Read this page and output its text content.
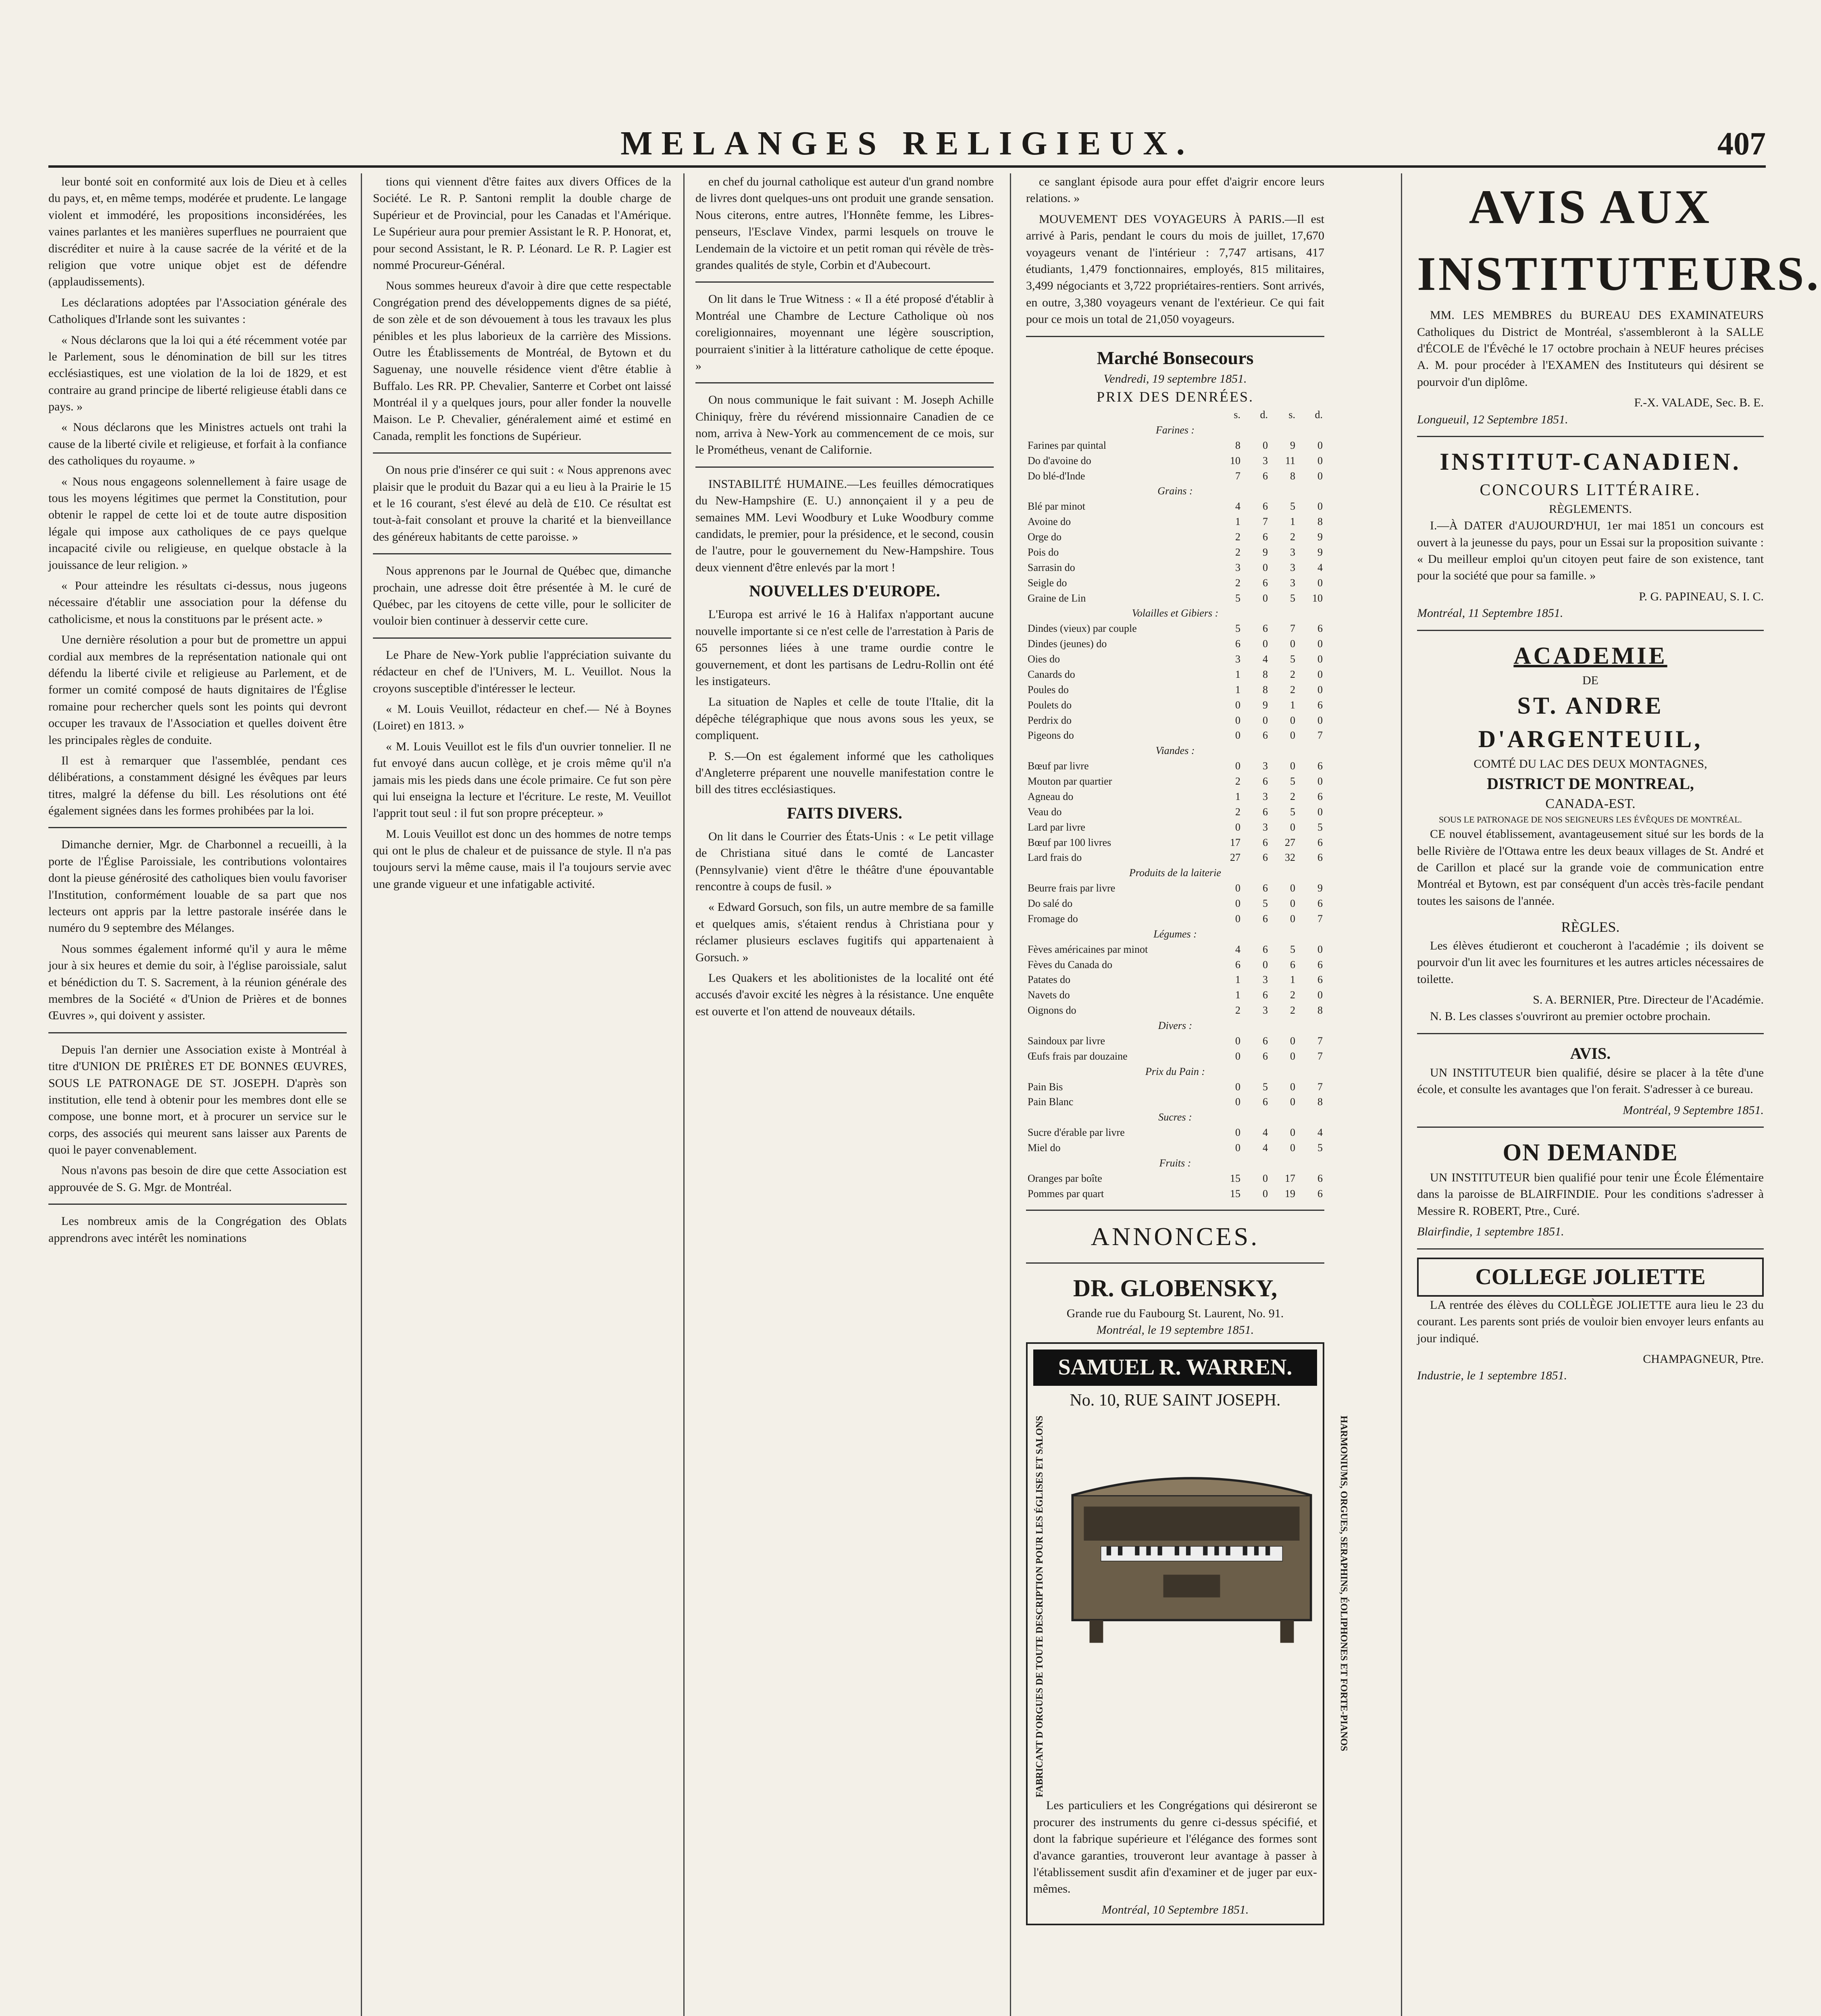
MELANGES RELIGIEUX.	407

leur bonté soit en conformité aux lois de Dieu et à celles du pays, et, en même temps, modérée et prudente. Le langage violent et immodéré, les propositions inconsidérées, les vaines parlantes et les manières superflues ne pourraient que discréditer et nuire à la cause sacrée de la vérité et de la religion que votre unique objet est de défendre (applaudissements).

Les déclarations adoptées par l'Association générale des Catholiques d'Irlande sont les suivantes :

« Nous déclarons que la loi qui a été récemment votée par le Parlement, sous le dénomination de bill sur les titres ecclésiastiques, est une violation de la loi de 1829, et est contraire au grand principe de liberté religieuse établi dans ce pays. »

« Nous déclarons que les Ministres actuels ont trahi la cause de la liberté civile et religieuse, et forfait à la confiance des catholiques du royaume. »

« Nous nous engageons solennellement à faire usage de tous les moyens légitimes que permet la Constitution, pour obtenir le rappel de cette loi et de toute autre disposition légale qui impose aux catholiques de ce pays quelque incapacité civile ou religieuse, en quelque obstacle à la jouissance de leur religion. »

« Pour atteindre les résultats ci-dessus, nous jugeons nécessaire d'établir une association pour la défense du catholicisme, et nous la constituons par le présent acte. »

Une dernière résolution a pour but de promettre un appui cordial aux membres de la représentation nationale qui ont défendu la liberté civile et religieuse au Parlement, et de former un comité composé de hauts dignitaires de l'Église romaine pour rechercher quels sont les points qui devront occuper les travaux de l'Association et quelles doivent être les principales règles de conduite.

Il est à remarquer que l'assemblée, pendant ces délibérations, a constamment désigné les évêques par leurs titres, malgré la défense du bill. Les résolutions ont été également signées dans les formes prohibées par la loi.

Dimanche dernier, Mgr. de Charbonnel a recueilli, à la porte de l'Église Paroissiale, les contributions volontaires dont la pieuse générosité des catholiques bien voulu favoriser l'Institution, conformément louable de sa part que nos lecteurs ont appris par la lettre pastorale insérée dans le numéro du 9 septembre des Mélanges.

Nous sommes également informé qu'il y aura le même jour à six heures et demie du soir, à l'église paroissiale, salut et bénédiction du T. S. Sacrement, à la réunion générale des membres de la Société « d'Union de Prières et de bonnes Œuvres », qui doivent y assister.

Depuis l'an dernier une Association existe à Montréal à titre d'UNION DE PRIÈRES ET DE BONNES ŒUVRES, SOUS LE PATRONAGE DE ST. JOSEPH. D'après son institution, elle tend à obtenir pour les membres dont elle se compose, une bonne mort, et à procurer un service sur le corps, des associés qui meurent sans laisser aux Parents de quoi le payer convenablement.

Nous n'avons pas besoin de dire que cette Association est approuvée de S. G. Mgr. de Montréal.

Les nombreux amis de la Congrégation des Oblats apprendrons avec intérêt les nominations

tions qui viennent d'être faites aux divers Offices de la Société. Le R. P. Santoni remplit la double charge de Supérieur et de Provincial, pour les Canadas et l'Amérique. Le Supérieur aura pour premier Assistant le R. P. Honorat, et, pour second Assistant, le R. P. Léonard. Le R. P. Lagier est nommé Procureur-Général.

Nous sommes heureux d'avoir à dire que cette respectable Congrégation prend des développements dignes de sa piété, de son zèle et de son dévouement à tous les travaux les plus pénibles et les plus laborieux de la carrière des Missions. Outre les Établissements de Montréal, de Bytown et du Saguenay, une nouvelle résidence vient d'être établie à Buffalo. Les RR. PP. Chevalier, Santerre et Corbet ont laissé Montréal il y a quelques jours, pour aller fonder la nouvelle Maison. Le P. Chevalier, généralement aimé et estimé en Canada, remplit les fonctions de Supérieur.

On nous prie d'insérer ce qui suit : « Nous apprenons avec plaisir que le produit du Bazar qui a eu lieu à la Prairie le 15 et le 16 courant, s'est élevé au delà de £10. Ce résultat est tout-à-fait consolant et prouve la charité et la bienveillance des généreux habitants de cette paroisse. »

Nous apprenons par le Journal de Québec que, dimanche prochain, une adresse doit être présentée à M. le curé de Québec, par les citoyens de cette ville, pour le solliciter de vouloir bien continuer à desservir cette cure.

Le Phare de New-York publie l'appréciation suivante du rédacteur en chef de l'Univers, M. L. Veuillot. Nous la croyons susceptible d'intéresser le lecteur.

« M. Louis Veuillot, rédacteur en chef.— Né à Boynes (Loiret) en 1813. »

« M. Louis Veuillot est le fils d'un ouvrier tonnelier. Il ne fut envoyé dans aucun collège, et je crois même qu'il n'a jamais mis les pieds dans une école primaire. Ce fut son père qui lui enseigna la lecture et l'écriture. Le reste, M. Veuillot l'apprit tout seul : il fut son propre précepteur. »

M. Louis Veuillot est donc un des hommes de notre temps qui ont le plus de chaleur et de puissance de style. Il n'a pas toujours servi la même cause, mais il l'a toujours servie avec une grande vigueur et une infatigable activité.

en chef du journal catholique est auteur d'un grand nombre de livres dont quelques-uns ont produit une grande sensation. Nous citerons, entre autres, l'Honnête femme, les Libres-penseurs, l'Esclave Vindex, parmi lesquels on trouve le Lendemain de la victoire et un petit roman qui révèle de très-grandes qualités de style, Corbin et d'Aubecourt.

On lit dans le True Witness : « Il a été proposé d'établir à Montréal une Chambre de Lecture Catholique où nos coreligionnaires, moyennant une légère souscription, pourraient s'initier à la littérature catholique de cette époque. »

On nous communique le fait suivant : M. Joseph Achille Chiniquy, frère du révérend missionnaire Canadien de ce nom, arriva à New-York au commencement de ce mois, sur le Prométheus, venant de Californie.

INSTABILITÉ HUMAINE.—Les feuilles démocratiques du New-Hampshire (E. U.) annonçaient il y a peu de semaines MM. Levi Woodbury et Luke Woodbury comme candidats, le premier, pour la présidence, et le second, cousin de l'autre, pour le gouvernement du New-Hampshire. Tous deux viennent d'être enlevés par la mort !

NOUVELLES D'EUROPE.

L'Europa est arrivé le 16 à Halifax n'apportant aucune nouvelle importante si ce n'est celle de l'arrestation à Paris de 65 personnes liées à une trame ourdie contre le gouvernement, et dont les partisans de Ledru-Rollin ont été les instigateurs.

La situation de Naples et celle de toute l'Italie, dit la dépêche télégraphique que nous avons sous les yeux, se compliquent.

P. S.—On est également informé que les catholiques d'Angleterre préparent une nouvelle manifestation contre le bill des titres ecclésiastiques.

FAITS DIVERS.

On lit dans le Courrier des États-Unis : « Le petit village de Christiana situé dans le comté de Lancaster (Pennsylvanie) vient d'être le théâtre d'une épouvantable rencontre à coups de fusil. »

« Edward Gorsuch, son fils, un autre membre de sa famille et quelques amis, s'étaient rendus à Christiana pour y réclamer plusieurs esclaves fugitifs qui appartenaient à Gorsuch. »

Les Quakers et les abolitionistes de la localité ont été accusés d'avoir excité les nègres à la résistance. Une enquête est ouverte et l'on attend de nouveaux détails.

ce sanglant épisode aura pour effet d'aigrir encore leurs relations. »

MOUVEMENT DES VOYAGEURS À PARIS.—Il est arrivé à Paris, pendant le cours du mois de juillet, 17,670 voyageurs venant de l'intérieur : 7,747 artisans, 417 étudiants, 1,479 fonctionnaires, employés, 815 militaires, 3,499 négociants et 3,722 propriétaires-rentiers. Sont arrivés, en outre, 3,380 voyageurs venant de l'extérieur. Ce qui fait pour ce mois un total de 21,050 voyageurs.

Marché Bonsecours
Vendredi, 19 septembre 1851.
PRIX DES DENRÉES.
	s.	d.	s.	d.
Farines :				
Farines par quintal	8	0	9	0
Do d'avoine do	10	3	11	0
Do blé-d'Inde	7	6	8	0
Grains :				
Blé par minot	4	6	5	0
Avoine do	1	7	1	8
Orge do	2	6	2	9
Pois do	2	9	3	9
Sarrasin do	3	0	3	4
Seigle do	2	6	3	0
Graine de Lin	5	0	5	10
Volailles et Gibiers :				
Dindes (vieux) par couple	5	6	7	6
Dindes (jeunes) do	6	0	0	0
Oies do	3	4	5	0
Canards do	1	8	2	0
Poules do	1	8	2	0
Poulets do	0	9	1	6
Perdrix do	0	0	0	0
Pigeons do	0	6	0	7
Viandes :				
Bœuf par livre	0	3	0	6
Mouton par quartier	2	6	5	0
Agneau do	1	3	2	6
Veau do	2	6	5	0
Lard par livre	0	3	0	5
Bœuf par 100 livres	17	6	27	6
Lard frais do	27	6	32	6
Produits de la laiterie				
Beurre frais par livre	0	6	0	9
Do salé do	0	5	0	6
Fromage do	0	6	0	7
Légumes :				
Fèves américaines par minot	4	6	5	0
Fèves du Canada do	6	0	6	6
Patates do	1	3	1	6
Navets do	1	6	2	0
Oignons do	2	3	2	8
Divers :				
Saindoux par livre	0	6	0	7
Œufs frais par douzaine	0	6	0	7
Prix du Pain :				
Pain Bis	0	5	0	7
Pain Blanc	0	6	0	8
Sucres :				
Sucre d'érable par livre	0	4	0	4
Miel do	0	4	0	5
Fruits :				
Oranges par boîte	15	0	17	6
Pommes par quart	15	0	19	6
ANNONCES.
DR. GLOBENSKY,
Grande rue du Faubourg St. Laurent, No. 91.
Montréal, le 19 septembre 1851.
SAMUEL R. WARREN.
No. 10, RUE SAINT JOSEPH.
FABRICANT D'ORGUES DE TOUTE DESCRIPTION POUR LES ÉGLISES ET SALONS	HARMONIUMS, ORGUES, SERAPHINS, ÉOLIPHONES ET FORTE-PIANOS

Les particuliers et les Congrégations qui désireront se procurer des instruments du genre ci-dessus spécifié, et dont la fabrique supérieure et l'élégance des formes sont d'avance garanties, trouveront leur avantage à passer à l'établissement susdit afin d'examiner et de juger par eux-mêmes.

Montréal, 10 Septembre 1851.
AVIS AUX INSTITUTEURS.

MM. LES MEMBRES du BUREAU DES EXAMINATEURS Catholiques du District de Montréal, s'assembleront à la SALLE d'ÉCOLE de l'Évêché le 17 octobre prochain à NEUF heures précises A. M. pour procéder à l'EXAMEN des Instituteurs qui désirent se pourvoir d'un diplôme.

F.-X. VALADE, Sec. B. E.
Longueuil, 12 Septembre 1851.
INSTITUT-CANADIEN.
CONCOURS LITTÉRAIRE.
RÈGLEMENTS.

I.—À DATER d'AUJOURD'HUI, 1er mai 1851 un concours est ouvert à la jeunesse du pays, pour un Essai sur la proposition suivante : « Du meilleur emploi qu'un citoyen peut faire de son existence, tant pour la société que pour sa famille. »

P. G. PAPINEAU, S. I. C.
Montréal, 11 Septembre 1851.
ACADEMIE
DE
ST. ANDRE D'ARGENTEUIL,
COMTÉ DU LAC DES DEUX MONTAGNES,
DISTRICT DE MONTREAL,
CANADA-EST.
SOUS LE PATRONAGE DE NOS SEIGNEURS LES ÉVÊQUES DE MONTRÉAL.

CE nouvel établissement, avantageusement situé sur les bords de la belle Rivière de l'Ottawa entre les deux beaux villages de St. André et de Carillon et placé sur la grande voie de communication entre Montréal et Bytown, est par conséquent d'un accès très-facile pendant toutes les saisons de l'année.

RÈGLES.

Les élèves étudieront et coucheront à l'académie ; ils doivent se pourvoir d'un lit avec les fournitures et les autres articles nécessaires de toilette.

S. A. BERNIER, Ptre. Directeur de l'Académie.

N. B. Les classes s'ouvriront au premier octobre prochain.

AVIS.

UN INSTITUTEUR bien qualifié, désire se placer à la tête d'une école, et consulte les avantages que l'on ferait. S'adresser à ce bureau.

Montréal, 9 Septembre 1851.
ON DEMANDE

UN INSTITUTEUR bien qualifié pour tenir une École Élémentaire dans la paroisse de BLAIRFINDIE. Pour les conditions s'adresser à Messire R. ROBERT, Ptre., Curé.

Blairfindie, 1 septembre 1851.
COLLEGE JOLIETTE

LA rentrée des élèves du COLLÈGE JOLIETTE aura lieu le 23 du courant. Les parents sont priés de vouloir bien envoyer leurs enfants au jour indiqué.

CHAMPAGNEUR, Ptre.
Industrie, le 1 septembre 1851.
